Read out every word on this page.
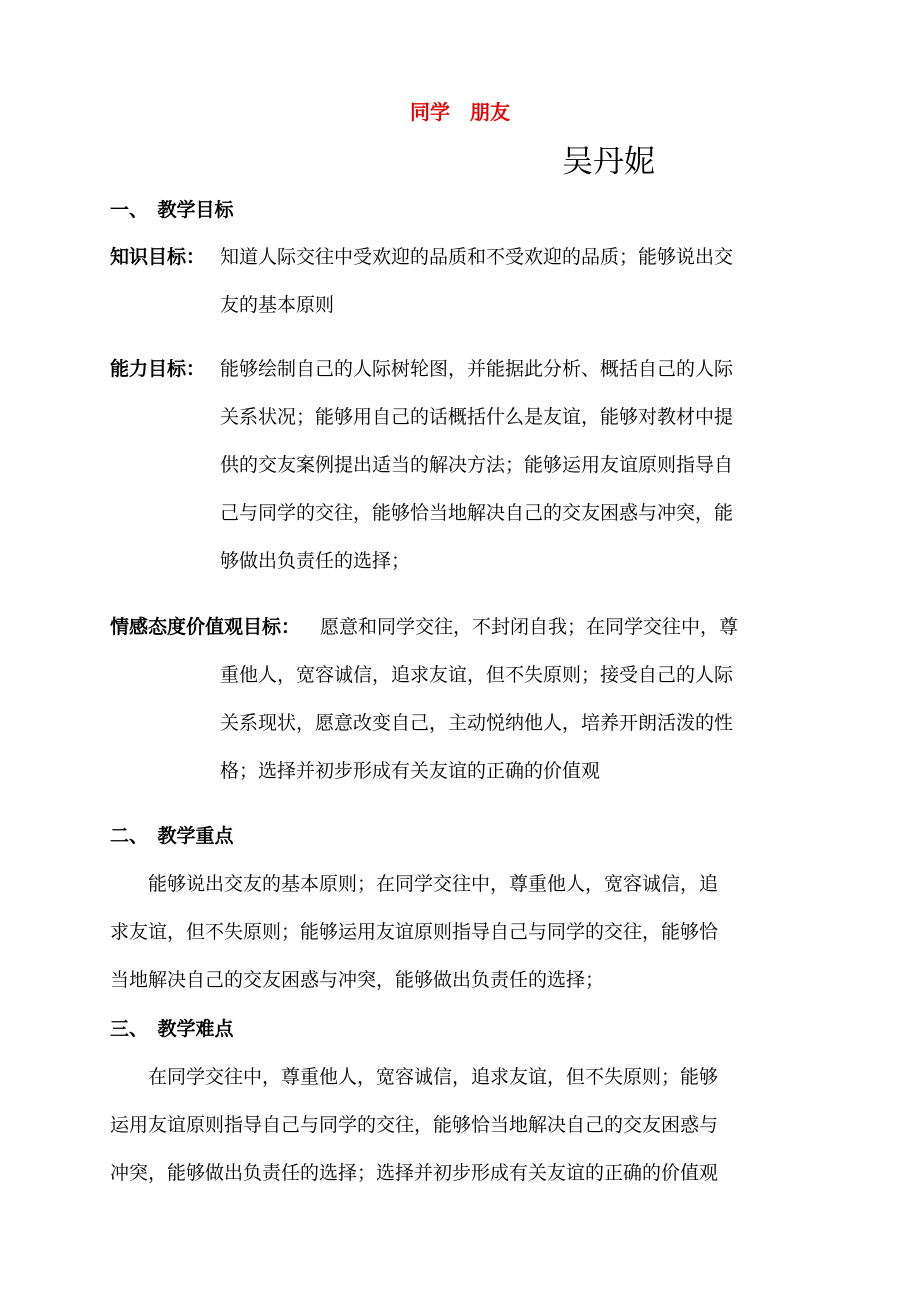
同学　朋友
吴丹妮
一、　教学目标

知识目标： 知道人际交往中受欢迎的品质和不受欢迎的品质；能够说出交

友的基本原则

能力目标： 能够绘制自己的人际树轮图，并能据此分析、概括自己的人际

关系状况；能够用自己的话概括什么是友谊，能够对教材中提

供的交友案例提出适当的解决方法；能够运用友谊原则指导自

己与同学的交往，能够恰当地解决自己的交友困惑与冲突，能

够做出负责任的选择；

情感态度价值观目标： 愿意和同学交往，不封闭自我；在同学交往中，尊

重他人，宽容诚信，追求友谊，但不失原则；接受自己的人际

关系现状，愿意改变自己，主动悦纳他人，培养开朗活泼的性

格；选择并初步形成有关友谊的正确的价值观

二、　教学重点

　　能够说出交友的基本原则；在同学交往中，尊重他人，宽容诚信，追

求友谊，但不失原则；能够运用友谊原则指导自己与同学的交往，能够恰

当地解决自己的交友困惑与冲突，能够做出负责任的选择；

三、　教学难点

　　在同学交往中，尊重他人，宽容诚信，追求友谊，但不失原则；能够

运用友谊原则指导自己与同学的交往，能够恰当地解决自己的交友困惑与

冲突，能够做出负责任的选择；选择并初步形成有关友谊的正确的价值观
